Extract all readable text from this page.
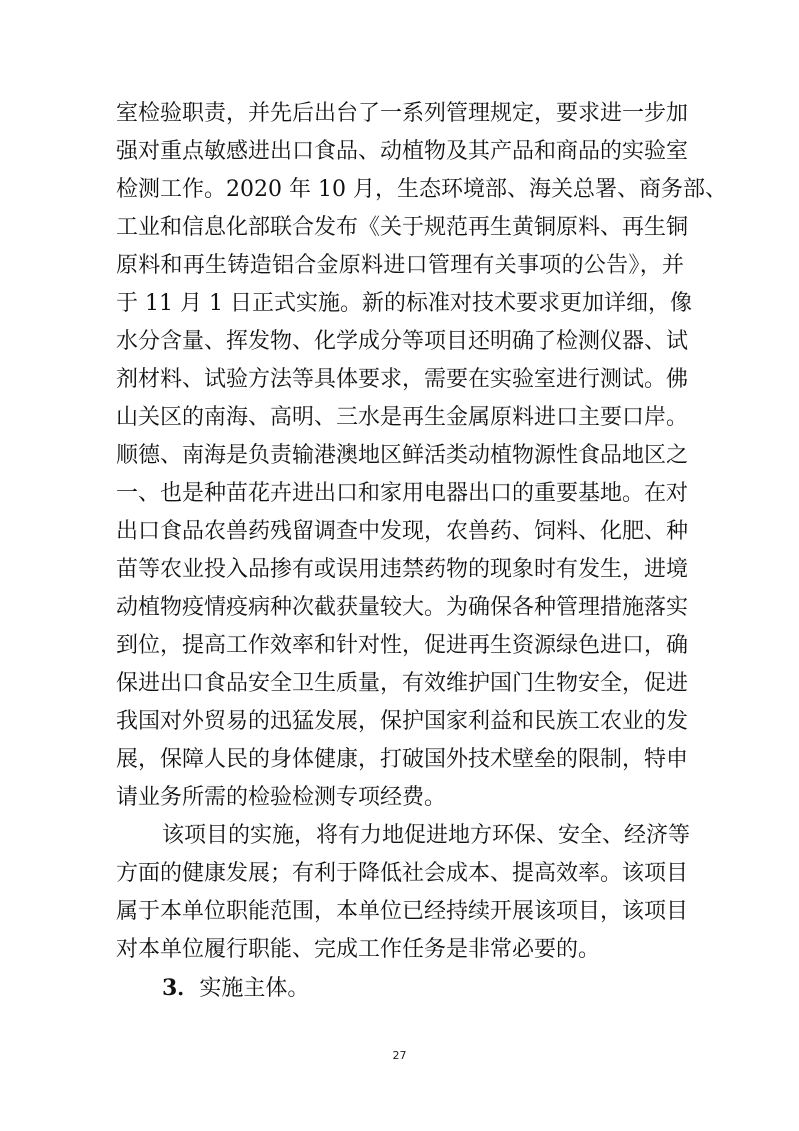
室检验职责，并先后出台了一系列管理规定，要求进一步加
强对重点敏感进出口食品、动植物及其产品和商品的实验室
检测工作。2020 年 10 月，生态环境部、海关总署、商务部、
工业和信息化部联合发布《关于规范再生黄铜原料、再生铜
原料和再生铸造铝合金原料进口管理有关事项的公告》，并
于 11 月 1 日正式实施。新的标准对技术要求更加详细，像
水分含量、挥发物、化学成分等项目还明确了检测仪器、试
剂材料、试验方法等具体要求，需要在实验室进行测试。佛
山关区的南海、高明、三水是再生金属原料进口主要口岸。
顺德、南海是负责输港澳地区鲜活类动植物源性食品地区之
一、也是种苗花卉进出口和家用电器出口的重要基地。在对
出口食品农兽药残留调查中发现，农兽药、饲料、化肥、种
苗等农业投入品掺有或误用违禁药物的现象时有发生，进境
动植物疫情疫病种次截获量较大。为确保各种管理措施落实
到位，提高工作效率和针对性，促进再生资源绿色进口，确
保进出口食品安全卫生质量，有效维护国门生物安全，促进
我国对外贸易的迅猛发展，保护国家利益和民族工农业的发
展，保障人民的身体健康，打破国外技术壁垒的限制，特申
请业务所需的检验检测专项经费。
该项目的实施，将有力地促进地方环保、安全、经济等
方面的健康发展；有利于降低社会成本、提高效率。该项目
属于本单位职能范围，本单位已经持续开展该项目，该项目
对本单位履行职能、完成工作任务是非常必要的。
3．实施主体。
27
